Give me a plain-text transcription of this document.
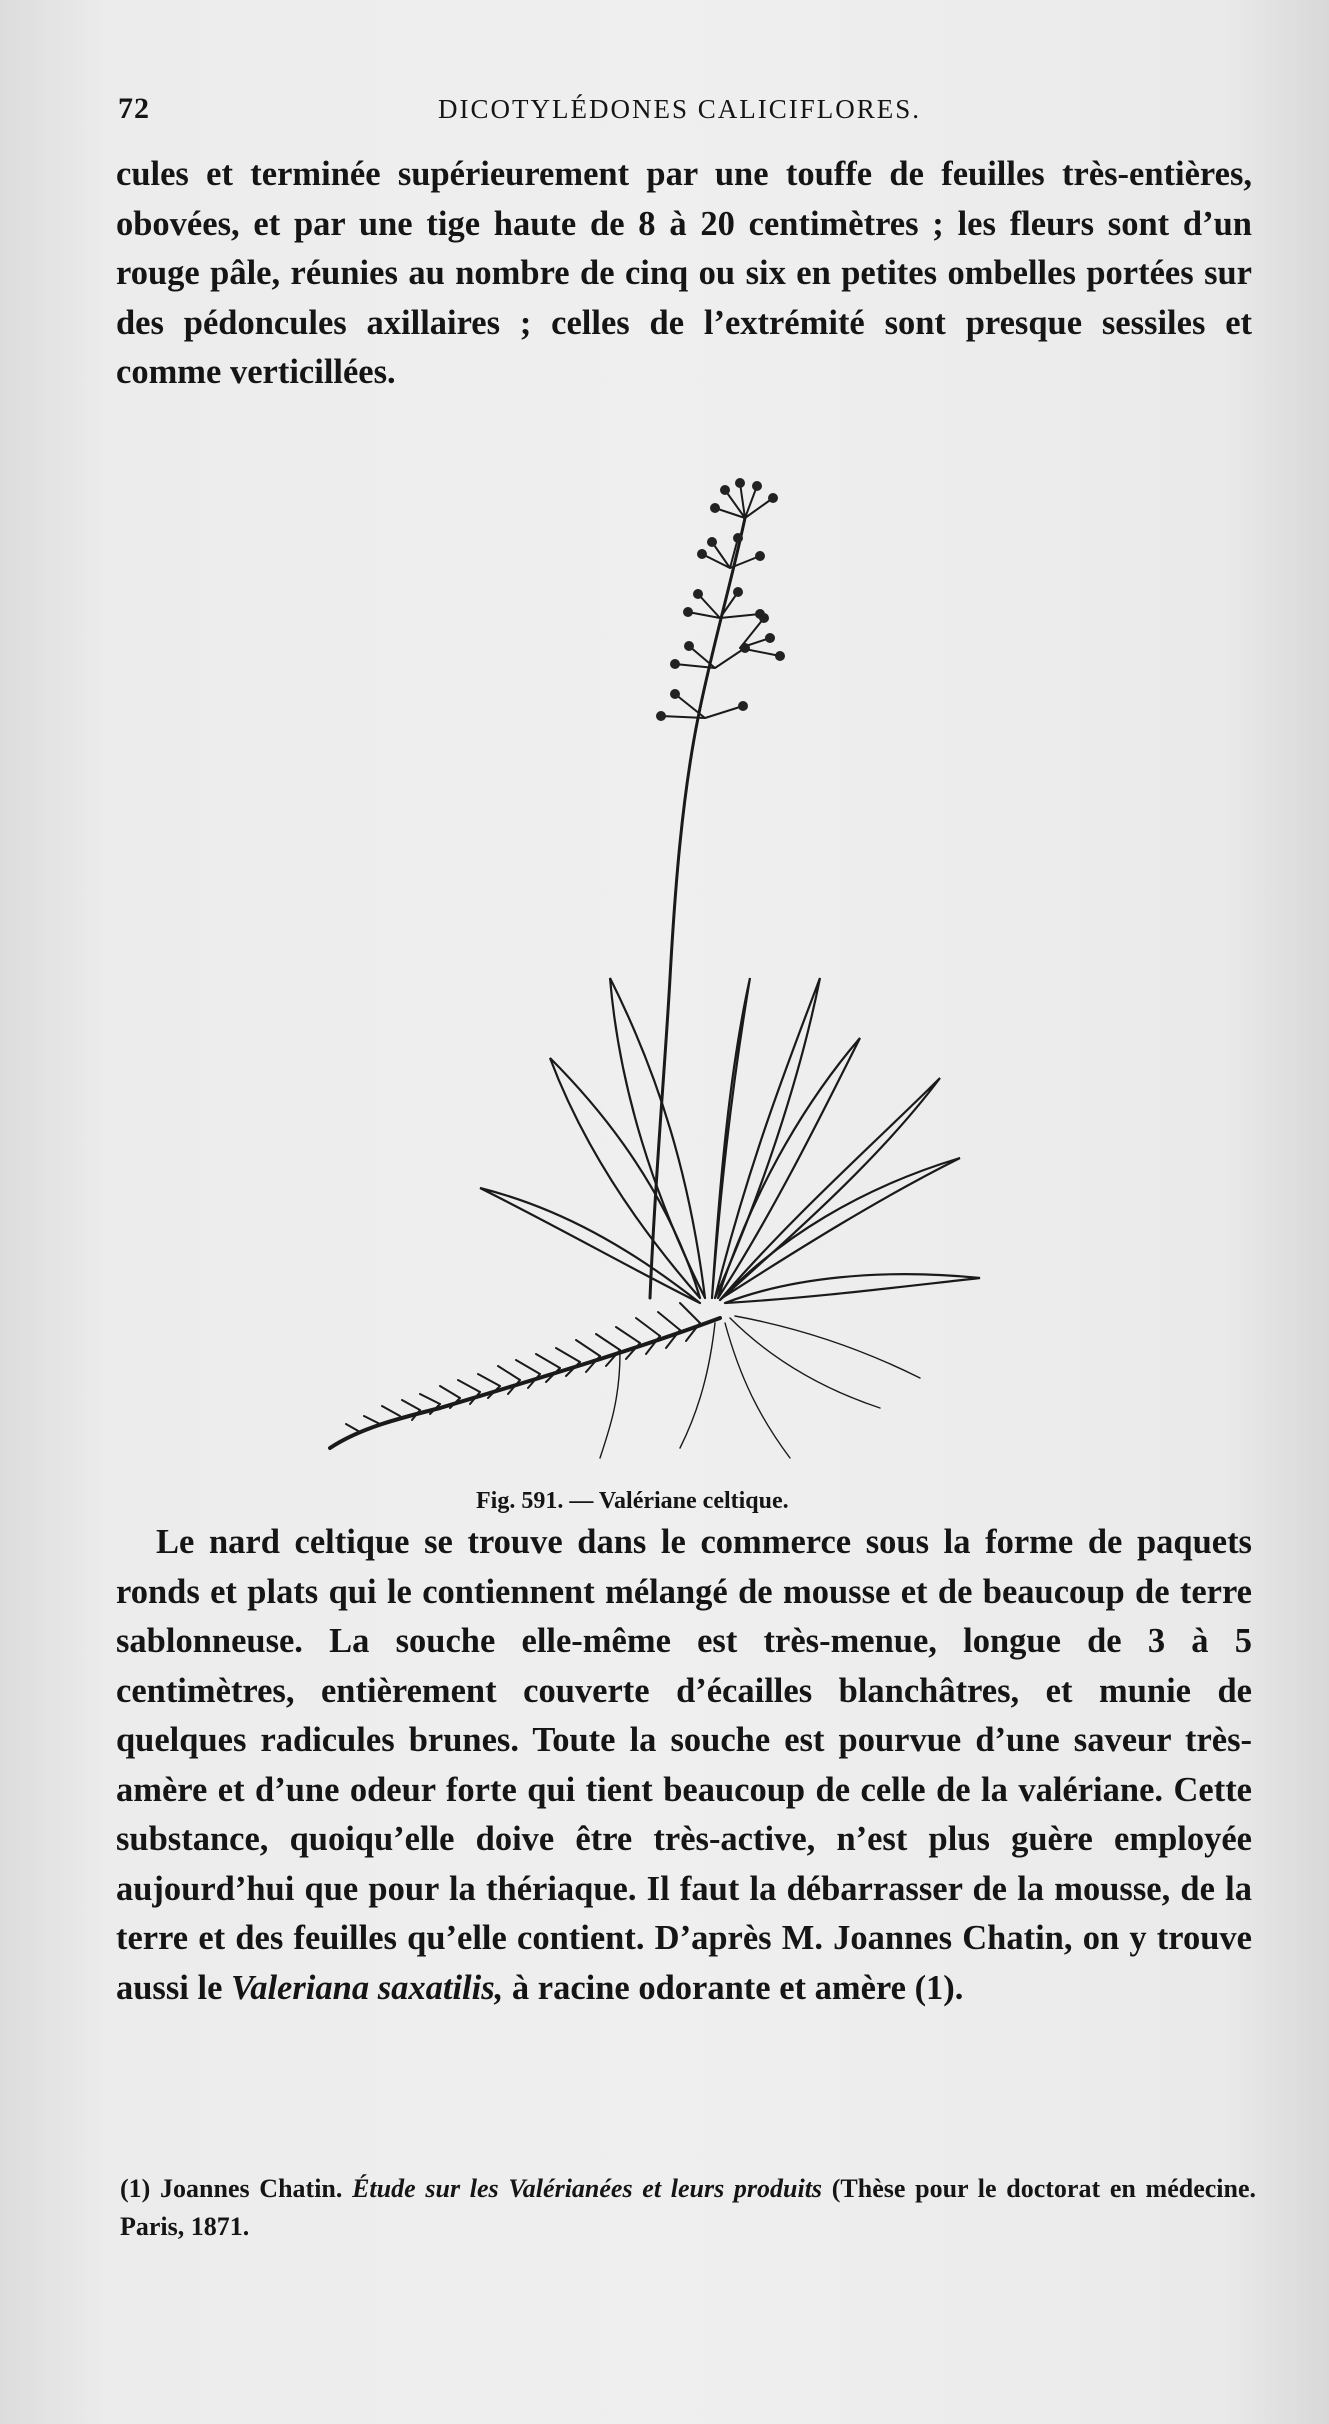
72	DICOTYLÉDONES CALICIFLORES.

cules et terminée supérieurement par une touffe de feuilles très-entières, obovées, et par une tige haute de 8 à 20 centimètres ; les fleurs sont d’un rouge pâle, réunies au nombre de cinq ou six en petites ombelles portées sur des pédoncules axillaires ; celles de l’extrémité sont presque sessiles et comme verticillées.

Fig. 591. — Valériane celtique.

Le nard celtique se trouve dans le commerce sous la forme de paquets ronds et plats qui le contiennent mélangé de mousse et de beaucoup de terre sablonneuse. La souche elle-même est très-menue, longue de 3 à 5 centimètres, entièrement couverte d’écailles blanchâtres, et munie de quelques radicules brunes. Toute la souche est pourvue d’une saveur très-amère et d’une odeur forte qui tient beaucoup de celle de la valériane. Cette substance, quoiqu’elle doive être très-active, n’est plus guère employée aujourd’hui que pour la thériaque. Il faut la débarrasser de la mousse, de la terre et des feuilles qu’elle contient. D’après M. Joannes Chatin, on y trouve aussi le Valeriana saxatilis, à racine odorante et amère (1).

(1) Joannes Chatin. Étude sur les Valérianées et leurs produits (Thèse pour le doctorat en médecine. Paris, 1871.
